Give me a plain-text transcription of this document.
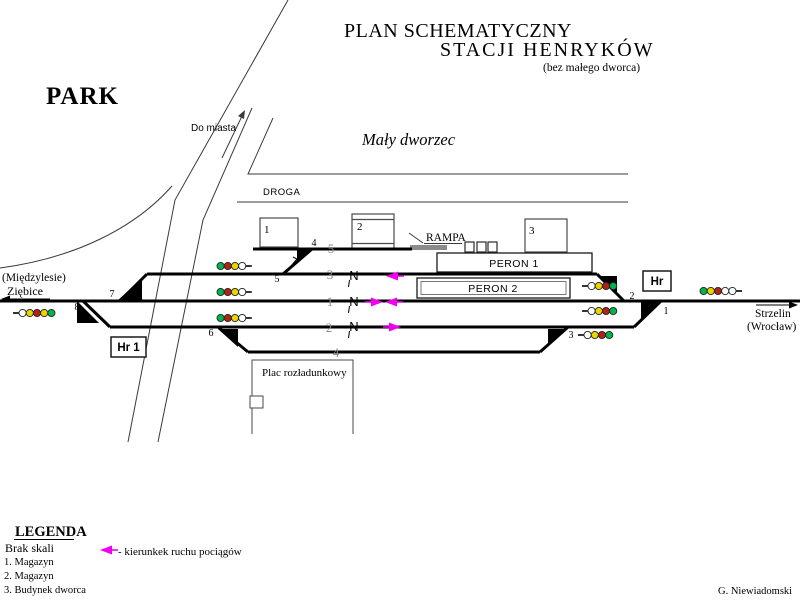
5
3
1
2
4
N
N
N
8
7
6
5
4
3
2
1
1	2	3
PLAN SCHEMATYCZNY
STACJI HENRYKÓW
(bez małego dworca)
PARK
Do miasta
Mały dworzec
DROGA
RAMPA
PERON 1
PERON 2
Hr
Hr 1
(Międzylesie)
Ziębice
Strzelin
(Wrocław)
Plac rozładunkowy
LEGENDA
Brak skali
1. Magazyn
2. Magazyn
3. Budynek dworca
- kierunkek ruchu pociągów
G. Niewiadomski
